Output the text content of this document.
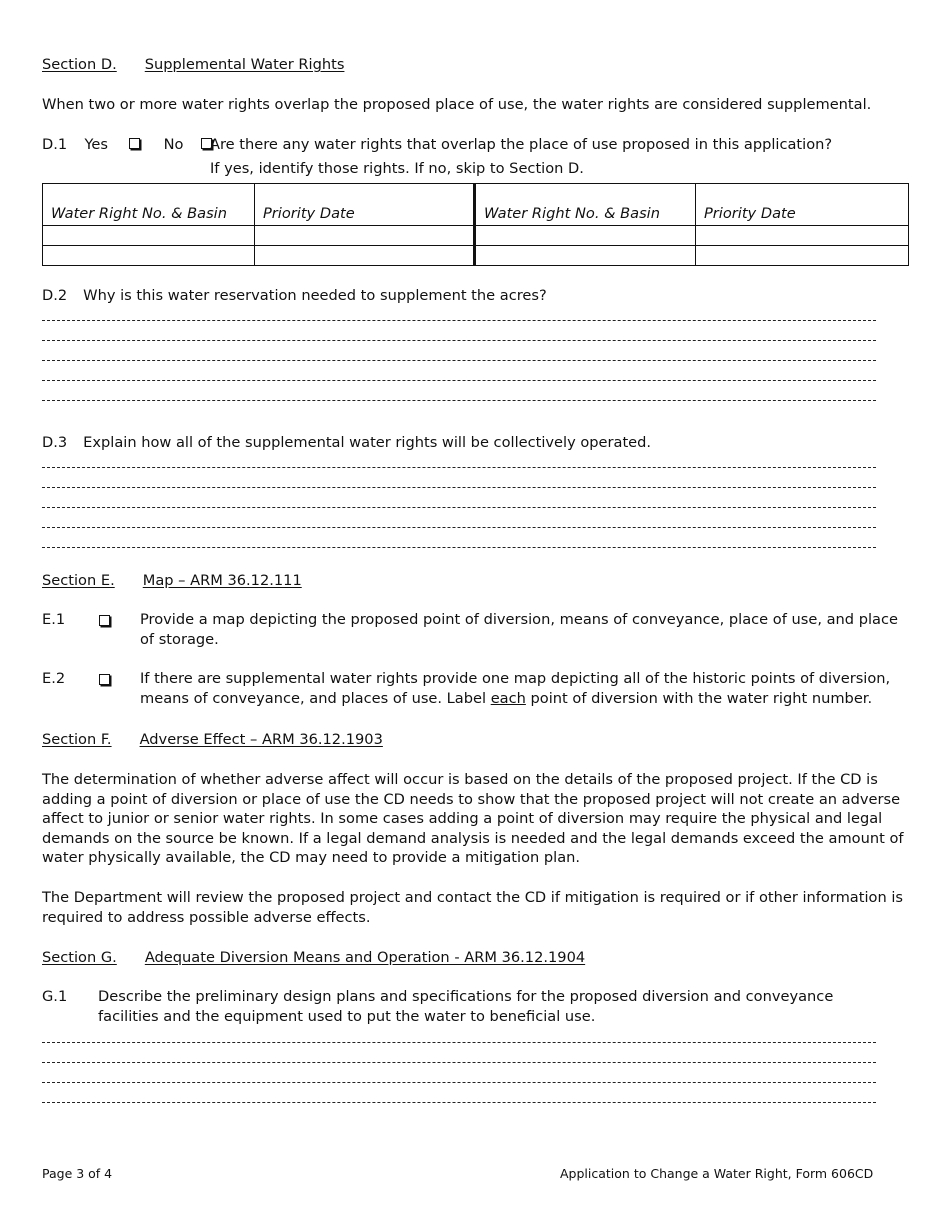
Section D. Supplemental Water Rights
When two or more water rights overlap the proposed place of use, the water rights are considered supplemental.
D.1 Yes	No	Are there any water rights that overlap the place of use proposed in this application?
If yes, identify those rights. If no, skip to Section D.
Water Right No. & Basin	Priority Date	Water Right No. & Basin	Priority Date

D.2 Why is this water reservation needed to supplement the acres?
D.3 Explain how all of the supplemental water rights will be collectively operated.
Section E. Map – ARM 36.12.111
E.1	Provide a map depicting the proposed point of diversion, means of conveyance, place of use, and place of storage.
E.2	If there are supplemental water rights provide one map depicting all of the historic points of diversion, means of conveyance, and places of use. Label each point of diversion with the water right number.
Section F. Adverse Effect – ARM 36.12.1903
The determination of whether adverse affect will occur is based on the details of the proposed project. If the CD is adding a point of diversion or place of use the CD needs to show that the proposed project will not create an adverse affect to junior or senior water rights. In some cases adding a point of diversion may require the physical and legal demands on the source be known. If a legal demand analysis is needed and the legal demands exceed the amount of water physically available, the CD may need to provide a mitigation plan.
The Department will review the proposed project and contact the CD if mitigation is required or if other information is required to address possible adverse effects.
Section G. Adequate Diversion Means and Operation - ARM 36.12.1904
G.1 Describe the preliminary design plans and specifications for the proposed diversion and conveyance facilities and the equipment used to put the water to beneficial use.
Page 3 of 4	Application to Change a Water Right, Form 606CD
